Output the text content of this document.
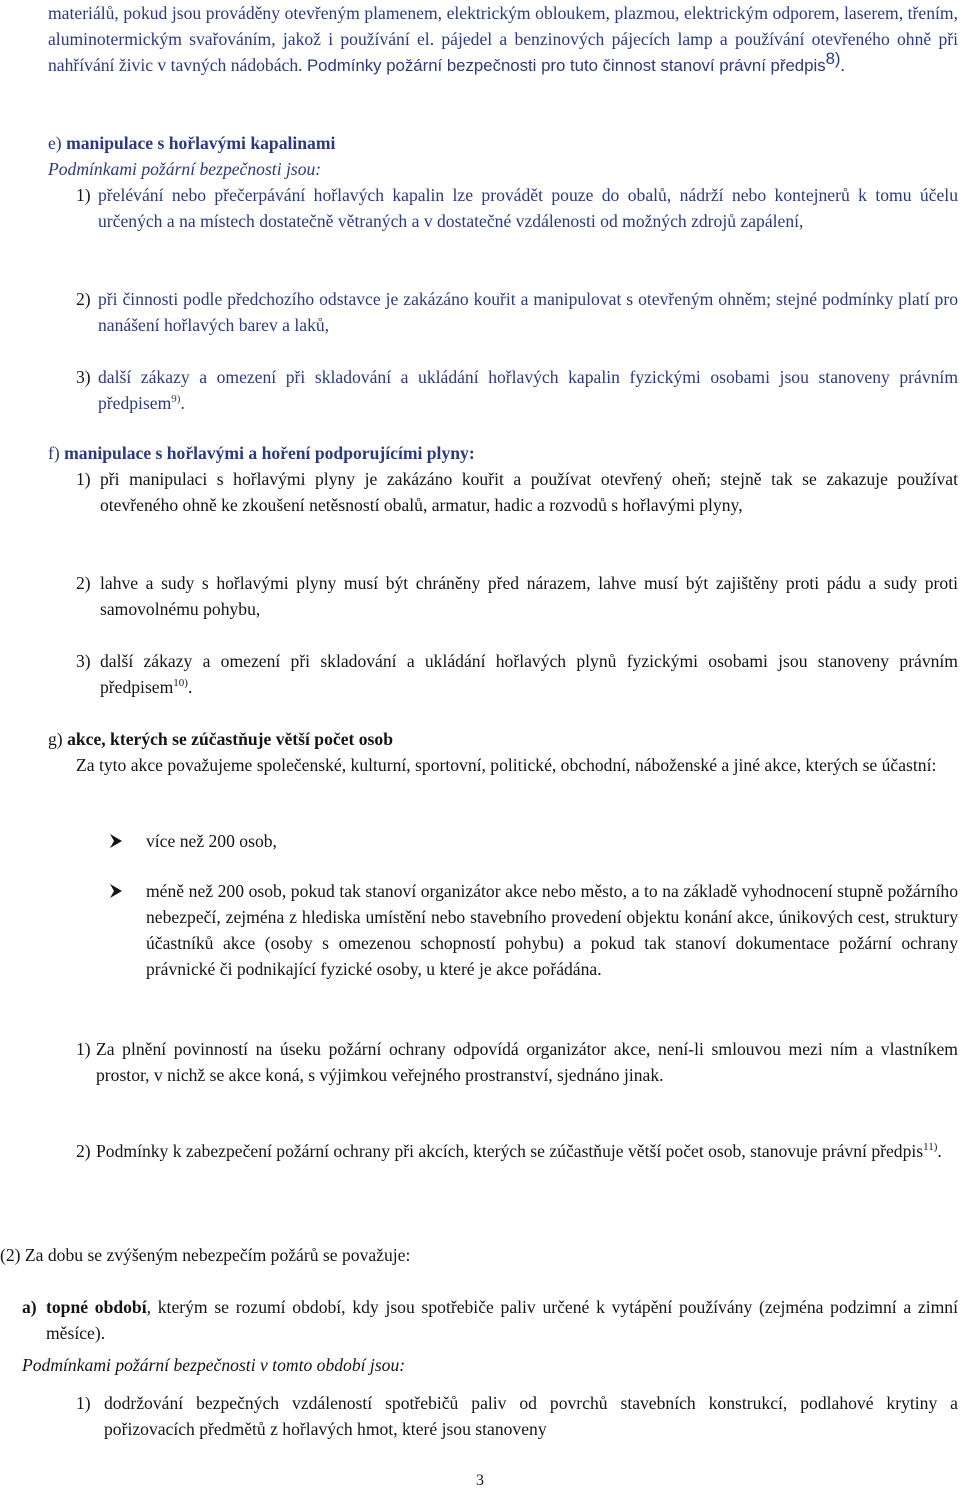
materiálů, pokud jsou prováděny otevřeným plamenem, elektrickým obloukem, plazmou, elektrickým odporem, laserem, třením, aluminotermickým svařováním, jakož i používání el. pájedel a benzinových pájecích lamp a používání otevřeného ohně při nahřívání živic v tavných nádobách. Podmínky požární bezpečnosti pro tuto činnost stanoví právní předpis$^{8)}$.
e) manipulace s hořlavými kapalinami
Podmínkami požární bezpečnosti jsou:
1) přelévání nebo přečerpávání hořlavých kapalin lze provádět pouze do obalů, nádrží nebo kontejnerů k tomu účelu určených a na místech dostatečně větraných a v dostatečné vzdálenosti od možných zdrojů zapálení,
2) při činnosti podle předchozího odstavce je zakázáno kouřit a manipulovat s otevřeným ohněm; stejné podmínky platí pro nanášení hořlavých barev a laků,
3) další zákazy a omezení při skladování a ukládání hořlavých kapalin fyzickými osobami jsou stanoveny právním předpisem$^{9)}$.
f) manipulace s hořlavými a hoření podporujícími plyny:
1) při manipulaci s hořlavými plyny je zakázáno kouřit a používat otevřený oheň; stejně tak se zakazuje používat otevřeného ohně ke zkoušení netěsností obalů, armatur, hadic a rozvodů s hořlavými plyny,
2) lahve a sudy s hořlavými plyny musí být chráněny před nárazem, lahve musí být zajištěny proti pádu a sudy proti samovolnému pohybu,
3) další zákazy a omezení při skladování a ukládání hořlavých plynů fyzickými osobami jsou stanoveny právním předpisem$^{10)}$.
g) akce, kterých se zúčastňuje větší počet osob
Za tyto akce považujeme společenské, kulturní, sportovní, politické, obchodní, náboženské a jiné akce, kterých se účastní:
více než 200 osob,
méně než 200 osob, pokud tak stanoví organizátor akce nebo město, a to na základě vyhodnocení stupně požárního nebezpečí, zejména z hlediska umístění nebo stavebního provedení objektu konání akce, únikových cest, struktury účastníků akce (osoby s omezenou schopností pohybu) a pokud tak stanoví dokumentace požární ochrany právnické či podnikající fyzické osoby, u které je akce pořádána.
1) Za plnění povinností na úseku požární ochrany odpovídá organizátor akce, není-li smlouvou mezi ním a vlastníkem prostor, v nichž se akce koná, s výjimkou veřejného prostranství, sjednáno jinak.
2) Podmínky k zabezpečení požární ochrany při akcích, kterých se zúčastňuje větší počet osob, stanovuje právní předpis$^{11)}$.
(2) Za dobu se zvýšeným nebezpečím požárů se považuje:
a) topné období, kterým se rozumí období, kdy jsou spotřebiče paliv určené k vytápění používány (zejména podzimní a zimní měsíce).
Podmínkami požární bezpečnosti v tomto období jsou:
1) dodržování bezpečných vzdáleností spotřebičů paliv od povrchů stavebních konstrukcí, podlahové krytiny a pořizovacích předmětů z hořlavých hmot, které jsou stanoveny
3
